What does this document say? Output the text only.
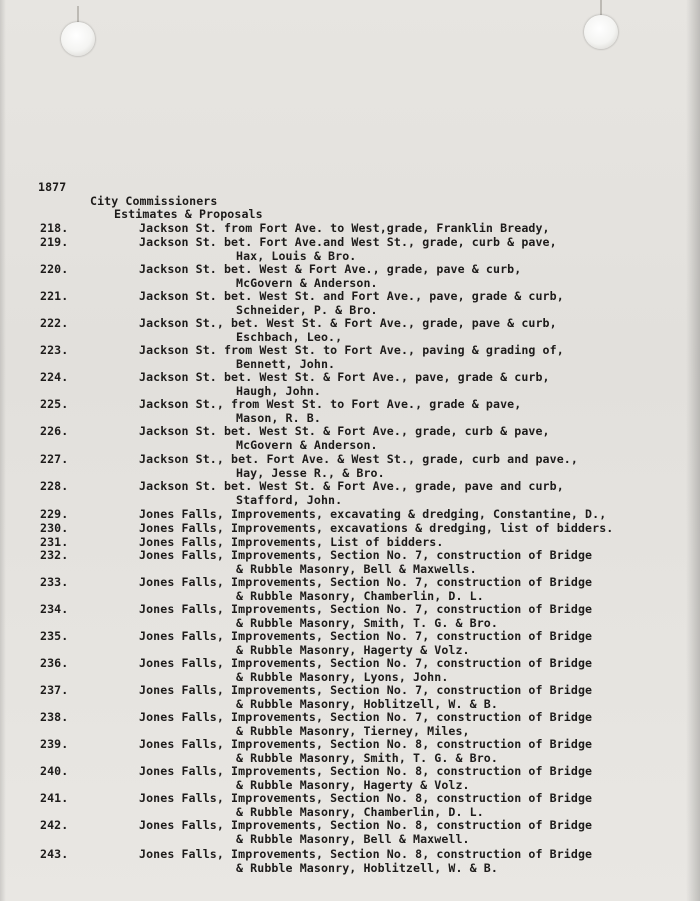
1877
City Commissioners
Estimates & Proposals
218.	Jackson St. from Fort Ave. to West,grade, Franklin Bready,
219.	Jackson St. bet. Fort Ave.and West St., grade, curb & pave,
Hax, Louis & Bro.
220.	Jackson St. bet. West & Fort Ave., grade, pave & curb,
McGovern & Anderson.
221.	Jackson St. bet. West St. and Fort Ave., pave, grade & curb,
Schneider, P. & Bro.
222.	Jackson St., bet. West St. & Fort Ave., grade, pave & curb,
Eschbach, Leo.,
223.	Jackson St. from West St. to Fort Ave., paving & grading of,
Bennett, John.
224.	Jackson St. bet. West St. & Fort Ave., pave, grade & curb,
Haugh, John.
225.	Jackson St., from West St. to Fort Ave., grade & pave,
Mason, R. B.
226.	Jackson St. bet. West St. & Fort Ave., grade, curb & pave,
McGovern & Anderson.
227.	Jackson St., bet. Fort Ave. & West St., grade, curb and pave.,
Hay, Jesse R., & Bro.
228.	Jackson St. bet. West St. & Fort Ave., grade, pave and curb,
Stafford, John.
229.	Jones Falls, Improvements, excavating & dredging, Constantine, D.,
230.	Jones Falls, Improvements, excavations & dredging, list of bidders.
231.	Jones Falls, Improvements, List of bidders.
232.	Jones Falls, Improvements, Section No. 7, construction of Bridge
& Rubble Masonry, Bell & Maxwells.
233.	Jones Falls, Improvements, Section No. 7, construction of Bridge
& Rubble Masonry, Chamberlin, D. L.
234.	Jones Falls, Improvements, Section No. 7, construction of Bridge
& Rubble Masonry, Smith, T. G. & Bro.
235.	Jones Falls, Improvements, Section No. 7, construction of Bridge
& Rubble Masonry, Hagerty & Volz.
236.	Jones Falls, Improvements, Section No. 7, construction of Bridge
& Rubble Masonry, Lyons, John.
237.	Jones Falls, Improvements, Section No. 7, construction of Bridge
& Rubble Masonry, Hoblitzell, W. & B.
238.	Jones Falls, Improvements, Section No. 7, construction of Bridge
& Rubble Masonry, Tierney, Miles,
239.	Jones Falls, Improvements, Section No. 8, construction of Bridge
& Rubble Masonry, Smith, T. G. & Bro.
240.	Jones Falls, Improvements, Section No. 8, construction of Bridge
& Rubble Masonry, Hagerty & Volz.
241.	Jones Falls, Improvements, Section No. 8, construction of Bridge
& Rubble Masonry, Chamberlin, D. L.
242.	Jones Falls, Improvements, Section No. 8, construction of Bridge
& Rubble Masonry, Bell & Maxwell.
243.	Jones Falls, Improvements, Section No. 8, construction of Bridge
& Rubble Masonry, Hoblitzell, W. & B.
